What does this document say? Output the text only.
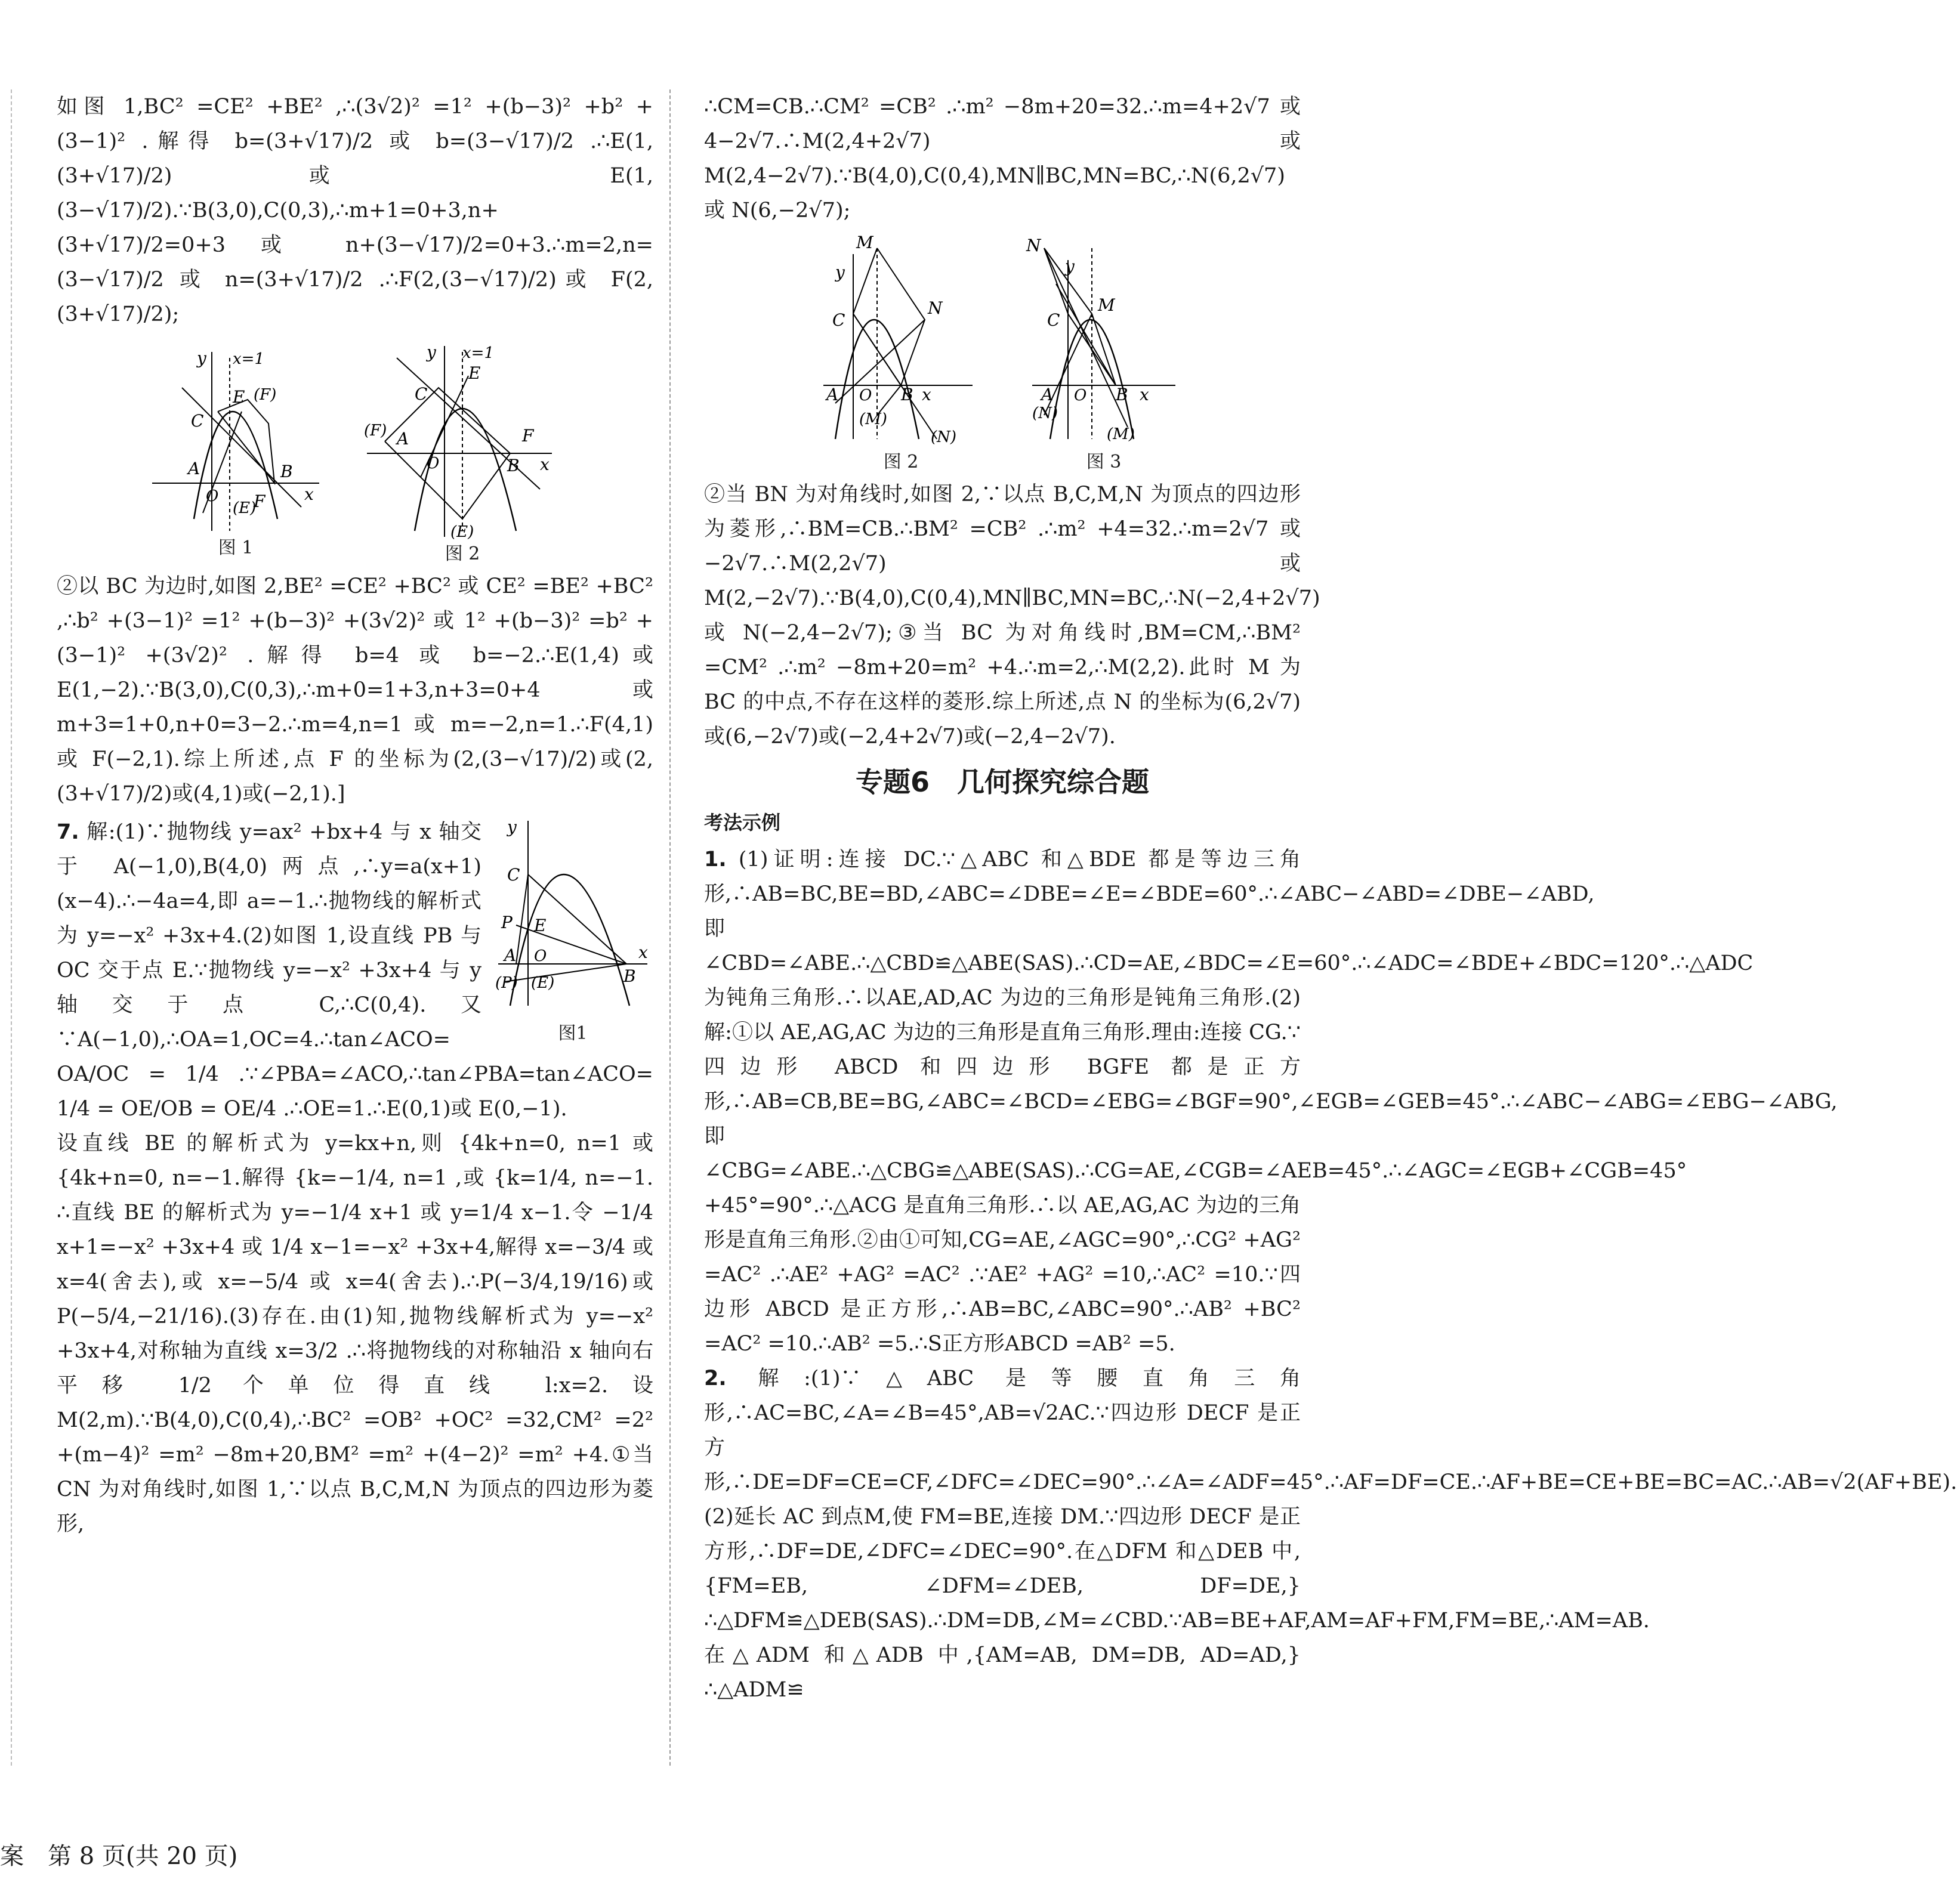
如图 1,BC² =CE² +BE² ,∴(3√2)² =1² +(b−3)² +b² +(3−1)² .解得 b=(3+√17)/2 或 b=(3−√17)/2 .∴E(1,(3+√17)/2)或 E(1,(3−√17)/2).∵B(3,0),C(0,3),∴m+1=0+3,n+(3+√17)/2=0+3 或 n+(3−√17)/2=0+3.∴m=2,n=(3−√17)/2 或 n=(3+√17)/2 .∴F(2,(3−√17)/2)或 F(2,(3+√17)/2);

A
O
B
x
y x=1
C
E (F)
(E)
F
图 1
A
O	B x
y x=1
C
E
(F)	F
(E)
图 2

②以 BC 为边时,如图 2,BE² =CE² +BC² 或 CE² =BE² +BC² ,∴b² +(3−1)² =1² +(b−3)² +(3√2)² 或 1² +(b−3)² =b² +(3−1)² +(3√2)² .解得 b=4 或 b=−2.∴E(1,4)或 E(1,−2).∵B(3,0),C(0,3),∴m+0=1+3,n+3=0+4 或 m+3=1+0,n+0=3−2.∴m=4,n=1 或 m=−2,n=1.∴F(4,1)或 F(−2,1).综上所述,点 F 的坐标为(2,(3−√17)/2)或(2,(3+√17)/2)或(4,1)或(−2,1).]

y
C
P E
A O
(P) (E)	B
x
图1

7. 解:(1)∵抛物线 y=ax² +bx+4 与 x 轴交于 A(−1,0),B(4,0)两点,∴y=a(x+1)(x−4).∴−4a=4,即 a=−1.∴抛物线的解析式为 y=−x² +3x+4.(2)如图 1,设直线 PB 与 OC 交于点 E.∵抛物线 y=−x² +3x+4 与 y 轴交于点 C,∴C(0,4).又∵A(−1,0),∴OA=1,OC=4.∴tan∠ACO= OA/OC = 1/4 .∵∠PBA=∠ACO,∴tan∠PBA=tan∠ACO= 1/4 = OE/OB = OE/4 .∴OE=1.∴E(0,1)或 E(0,−1).

设直线 BE 的解析式为 y=kx+n,则 {4k+n=0, n=1 或 {4k+n=0, n=−1.解得 {k=−1/4, n=1 ,或 {k=1/4, n=−1. ∴直线 BE 的解析式为 y=−1/4 x+1 或 y=1/4 x−1.令 −1/4 x+1=−x² +3x+4 或 1/4 x−1=−x² +3x+4,解得 x=−3/4 或 x=4(舍去),或 x=−5/4 或 x=4(舍去).∴P(−3/4,19/16)或 P(−5/4,−21/16).(3)存在.由(1)知,抛物线解析式为 y=−x² +3x+4,对称轴为直线 x=3/2 .∴将抛物线的对称轴沿 x 轴向右平移 1/2 个单位得直线 l:x=2.设 M(2,m).∵B(4,0),C(0,4),∴BC² =OB² +OC² =32,CM² =2² +(m−4)² =m² −8m+20,BM² =m² +(4−2)² =m² +4.①当 CN 为对角线时,如图 1,∵以点 B,C,M,N 为顶点的四边形为菱形,

∴CM=CB.∴CM² =CB² .∴m² −8m+20=32.∴m=4+2√7 或 4−2√7.∴M(2,4+2√7)或 M(2,4−2√7).∵B(4,0),C(0,4),MN∥BC,MN=BC,∴N(6,2√7)或 N(6,−2√7);

M
y
N
C
A O
(M)
B x
(N)
图 2
N
y
M
C
A O
(N)
B x
(M)
图 3

②当 BN 为对角线时,如图 2,∵以点 B,C,M,N 为顶点的四边形为菱形,∴BM=CB.∴BM² =CB² .∴m² +4=32.∴m=2√7 或−2√7.∴M(2,2√7)或 M(2,−2√7).∵B(4,0),C(0,4),MN∥BC,MN=BC,∴N(−2,4+2√7)或 N(−2,4−2√7);③当 BC 为对角线时,BM=CM,∴BM² =CM² .∴m² −8m+20=m² +4.∴m=2,∴M(2,2).此时 M 为 BC 的中点,不存在这样的菱形.综上所述,点 N 的坐标为(6,2√7)或(6,−2√7)或(−2,4+2√7)或(−2,4−2√7).

专题6　几何探究综合题
考法示例

1. (1)证明:连接 DC.∵△ABC 和△BDE 都是等边三角形,∴AB=BC,BE=BD,∠ABC=∠DBE=∠E=∠BDE=60°.∴∠ABC−∠ABD=∠DBE−∠ABD,即∠CBD=∠ABE.∴△CBD≌△ABE(SAS).∴CD=AE,∠BDC=∠E=60°.∴∠ADC=∠BDE+∠BDC=120°.∴△ADC 为钝角三角形.∴以AE,AD,AC 为边的三角形是钝角三角形.(2)解:①以 AE,AG,AC 为边的三角形是直角三角形.理由:连接 CG.∵四边形 ABCD 和四边形 BGFE 都是正方形,∴AB=CB,BE=BG,∠ABC=∠BCD=∠EBG=∠BGF=90°,∠EGB=∠GEB=45°.∴∠ABC−∠ABG=∠EBG−∠ABG,即∠CBG=∠ABE.∴△CBG≌△ABE(SAS).∴CG=AE,∠CGB=∠AEB=45°.∴∠AGC=∠EGB+∠CGB=45°+45°=90°.∴△ACG 是直角三角形.∴以 AE,AG,AC 为边的三角形是直角三角形.②由①可知,CG=AE,∠AGC=90°,∴CG² +AG² =AC² .∴AE² +AG² =AC² .∵AE² +AG² =10,∴AC² =10.∵四边形 ABCD 是正方形,∴AB=BC,∠ABC=90°.∴AB² +BC² =AC² =10.∴AB² =5.∴S正方形ABCD =AB² =5.

2. 解:(1)∵△ABC 是等腰直角三角形,∴AC=BC,∠A=∠B=45°,AB=√2AC.∵四边形 DECF 是正方形,∴DE=DF=CE=CF,∠DFC=∠DEC=90°.∴∠A=∠ADF=45°.∴AF=DF=CE.∴AF+BE=CE+BE=BC=AC.∴AB=√2(AF+BE).(2)延长 AC 到点M,使 FM=BE,连接 DM.∵四边形 DECF 是正方形,∴DF=DE,∠DFC=∠DEC=90°.在△DFM 和△DEB 中,{FM=EB, ∠DFM=∠DEB, DF=DE,} ∴△DFM≌△DEB(SAS).∴DM=DB,∠M=∠CBD.∵AB=BE+AF,AM=AF+FM,FM=BE,∴AM=AB.在△ADM 和△ADB 中,{AM=AB, DM=DB, AD=AD,} ∴△ADM≌

案　第 8 页(共 20 页)
